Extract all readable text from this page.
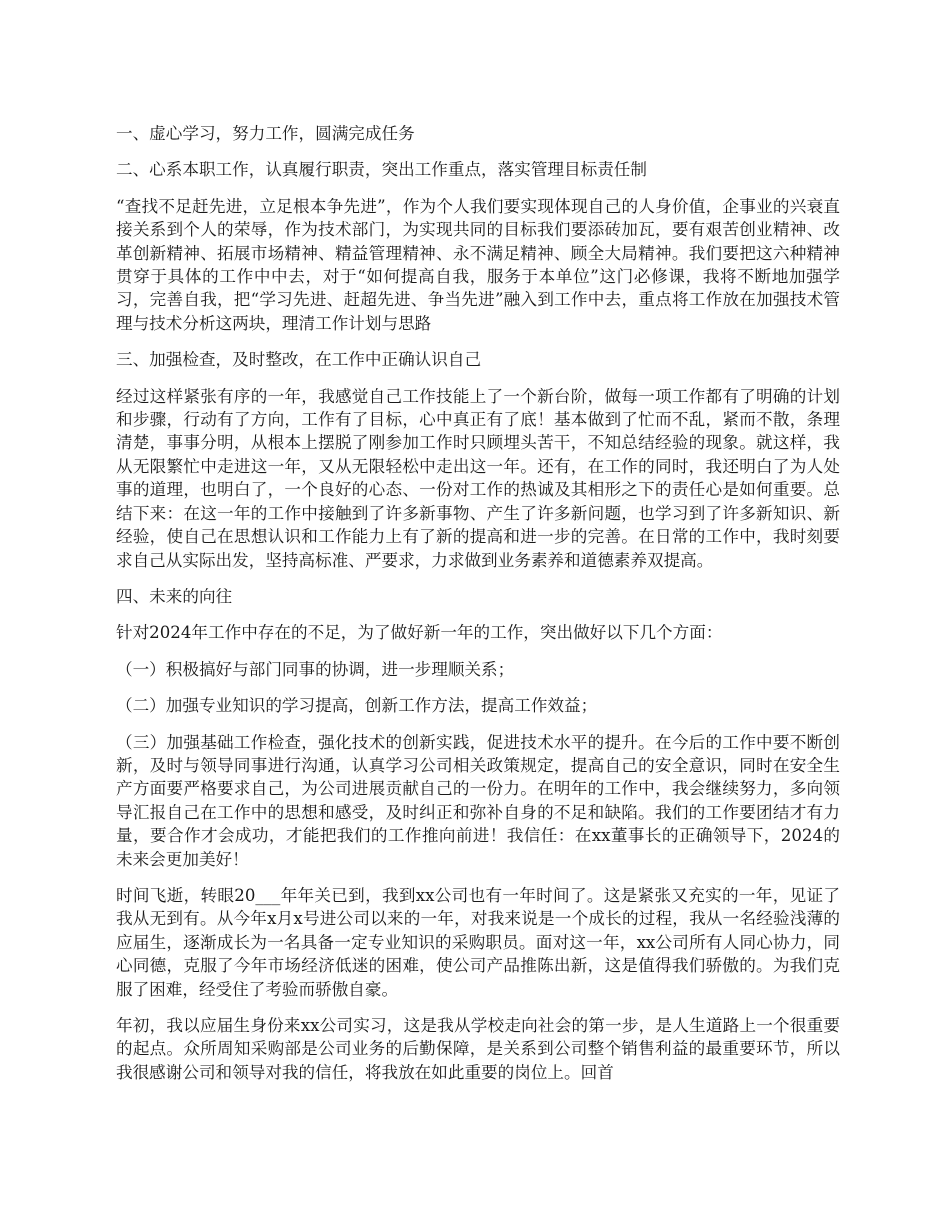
一、虚心学习，努力工作，圆满完成任务

二、心系本职工作，认真履行职责，突出工作重点，落实管理目标责任制

“查找不足赶先进，立足根本争先进”，作为个人我们要实现体现自己的人身价值，企事业的兴衰直接关系到个人的荣辱，作为技术部门，为实现共同的目标我们要添砖加瓦，要有艰苦创业精神、改革创新精神、拓展市场精神、精益管理精神、永不满足精神、顾全大局精神。我们要把这六种精神贯穿于具体的工作中中去，对于“如何提高自我，服务于本单位”这门必修课，我将不断地加强学习，完善自我，把“学习先进、赶超先进、争当先进”融入到工作中去，重点将工作放在加强技术管理与技术分析这两块，理清工作计划与思路

三、加强检查，及时整改，在工作中正确认识自己

经过这样紧张有序的一年，我感觉自己工作技能上了一个新台阶，做每一项工作都有了明确的计划和步骤，行动有了方向，工作有了目标，心中真正有了底！基本做到了忙而不乱，紧而不散，条理清楚，事事分明，从根本上摆脱了刚参加工作时只顾埋头苦干，不知总结经验的现象。就这样，我从无限繁忙中走进这一年，又从无限轻松中走出这一年。还有，在工作的同时，我还明白了为人处事的道理，也明白了，一个良好的心态、一份对工作的热诚及其相形之下的责任心是如何重要。总结下来：在这一年的工作中接触到了许多新事物、产生了许多新问题，也学习到了许多新知识、新经验，使自己在思想认识和工作能力上有了新的提高和进一步的完善。在日常的工作中，我时刻要求自己从实际出发，坚持高标准、严要求，力求做到业务素养和道德素养双提高。

四、未来的向往

针对2024年工作中存在的不足，为了做好新一年的工作，突出做好以下几个方面：

（一）积极搞好与部门同事的协调，进一步理顺关系；

（二）加强专业知识的学习提高，创新工作方法，提高工作效益；

（三）加强基础工作检查，强化技术的创新实践，促进技术水平的提升。在今后的工作中要不断创新，及时与领导同事进行沟通，认真学习公司相关政策规定，提高自己的安全意识，同时在安全生产方面要严格要求自己，为公司进展贡献自己的一份力。在明年的工作中，我会继续努力，多向领导汇报自己在工作中的思想和感受，及时纠正和弥补自身的不足和缺陷。我们的工作要团结才有力量，要合作才会成功，才能把我们的工作推向前进！我信任：在xx董事长的正确领导下，2024的未来会更加美好！

时间飞逝，转眼20___年年关已到，我到xx公司也有一年时间了。这是紧张又充实的一年，见证了我从无到有。从今年x月x号进公司以来的一年，对我来说是一个成长的过程，我从一名经验浅薄的应届生，逐渐成长为一名具备一定专业知识的采购职员。面对这一年，xx公司所有人同心协力，同心同德，克服了今年市场经济低迷的困难，使公司产品推陈出新，这是值得我们骄傲的。为我们克服了困难，经受住了考验而骄傲自豪。

年初，我以应届生身份来xx公司实习，这是我从学校走向社会的第一步，是人生道路上一个很重要的起点。众所周知采购部是公司业务的后勤保障，是关系到公司整个销售利益的最重要环节，所以我很感谢公司和领导对我的信任，将我放在如此重要的岗位上。回首
